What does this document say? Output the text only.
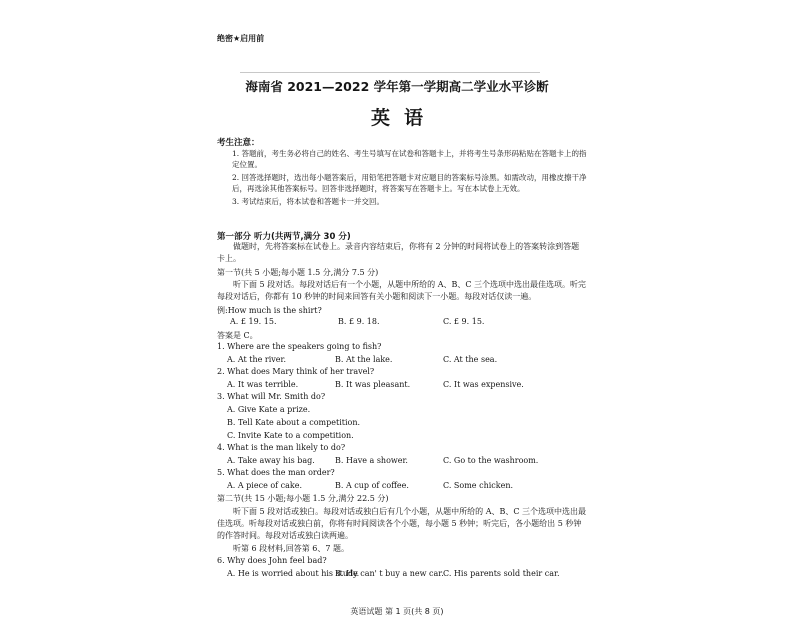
绝密★启用前
海南省 2021—2022 学年第一学期高二学业水平诊断
英语
考生注意：
1. 答题前，考生务必将自己的姓名、考生号填写在试卷和答题卡上，并将考生号条形码粘贴在答题卡上的指定位置。
2. 回答选择题时，选出每小题答案后，用铅笔把答题卡对应题目的答案标号涂黑。如需改动，用橡皮擦干净后，再选涂其他答案标号。回答非选择题时，将答案写在答题卡上。写在本试卷上无效。
3. 考试结束后，将本试卷和答题卡一并交回。
第一部分 听力(共两节,满分 30 分)
做题时，先将答案标在试卷上。录音内容结束后，你将有 2 分钟的时间将试卷上的答案转涂到答题卡上。
第一节(共 5 小题;每小题 1.5 分,满分 7.5 分)
听下面 5 段对话。每段对话后有一个小题，从题中所给的 A、B、C 三个选项中选出最佳选项。听完每段对话后，你都有 10 秒钟的时间来回答有关小题和阅读下一小题。每段对话仅读一遍。
例:How much is the shirt?
A. £ 19. 15.	B. £ 9. 18.	C. £ 9. 15.
答案是 C。
1. Where are the speakers going to fish?
A. At the river.	B. At the lake.	C. At the sea.
2. What does Mary think of her travel?
A. It was terrible.	B. It was pleasant.	C. It was expensive.
3. What will Mr. Smith do?
A. Give Kate a prize.
B. Tell Kate about a competition.
C. Invite Kate to a competition.
4. What is the man likely to do?
A. Take away his bag.	B. Have a shower.	C. Go to the washroom.
5. What does the man order?
A. A piece of cake.	B. A cup of coffee.	C. Some chicken.
第二节(共 15 小题;每小题 1.5 分,满分 22.5 分)
听下面 5 段对话或独白。每段对话或独白后有几个小题，从题中所给的 A、B、C 三个选项中选出最佳选项。听每段对话或独白前，你将有时间阅读各个小题，每小题 5 秒钟；听完后，各小题给出 5 秒钟的作答时间。每段对话或独白读两遍。
听第 6 段材料,回答第 6、7 题。
6. Why does John feel bad?
A. He is worried about his study.
B. He can' t buy a new car. C. His parents sold their car.
英语试题 第 1 页(共 8 页)
